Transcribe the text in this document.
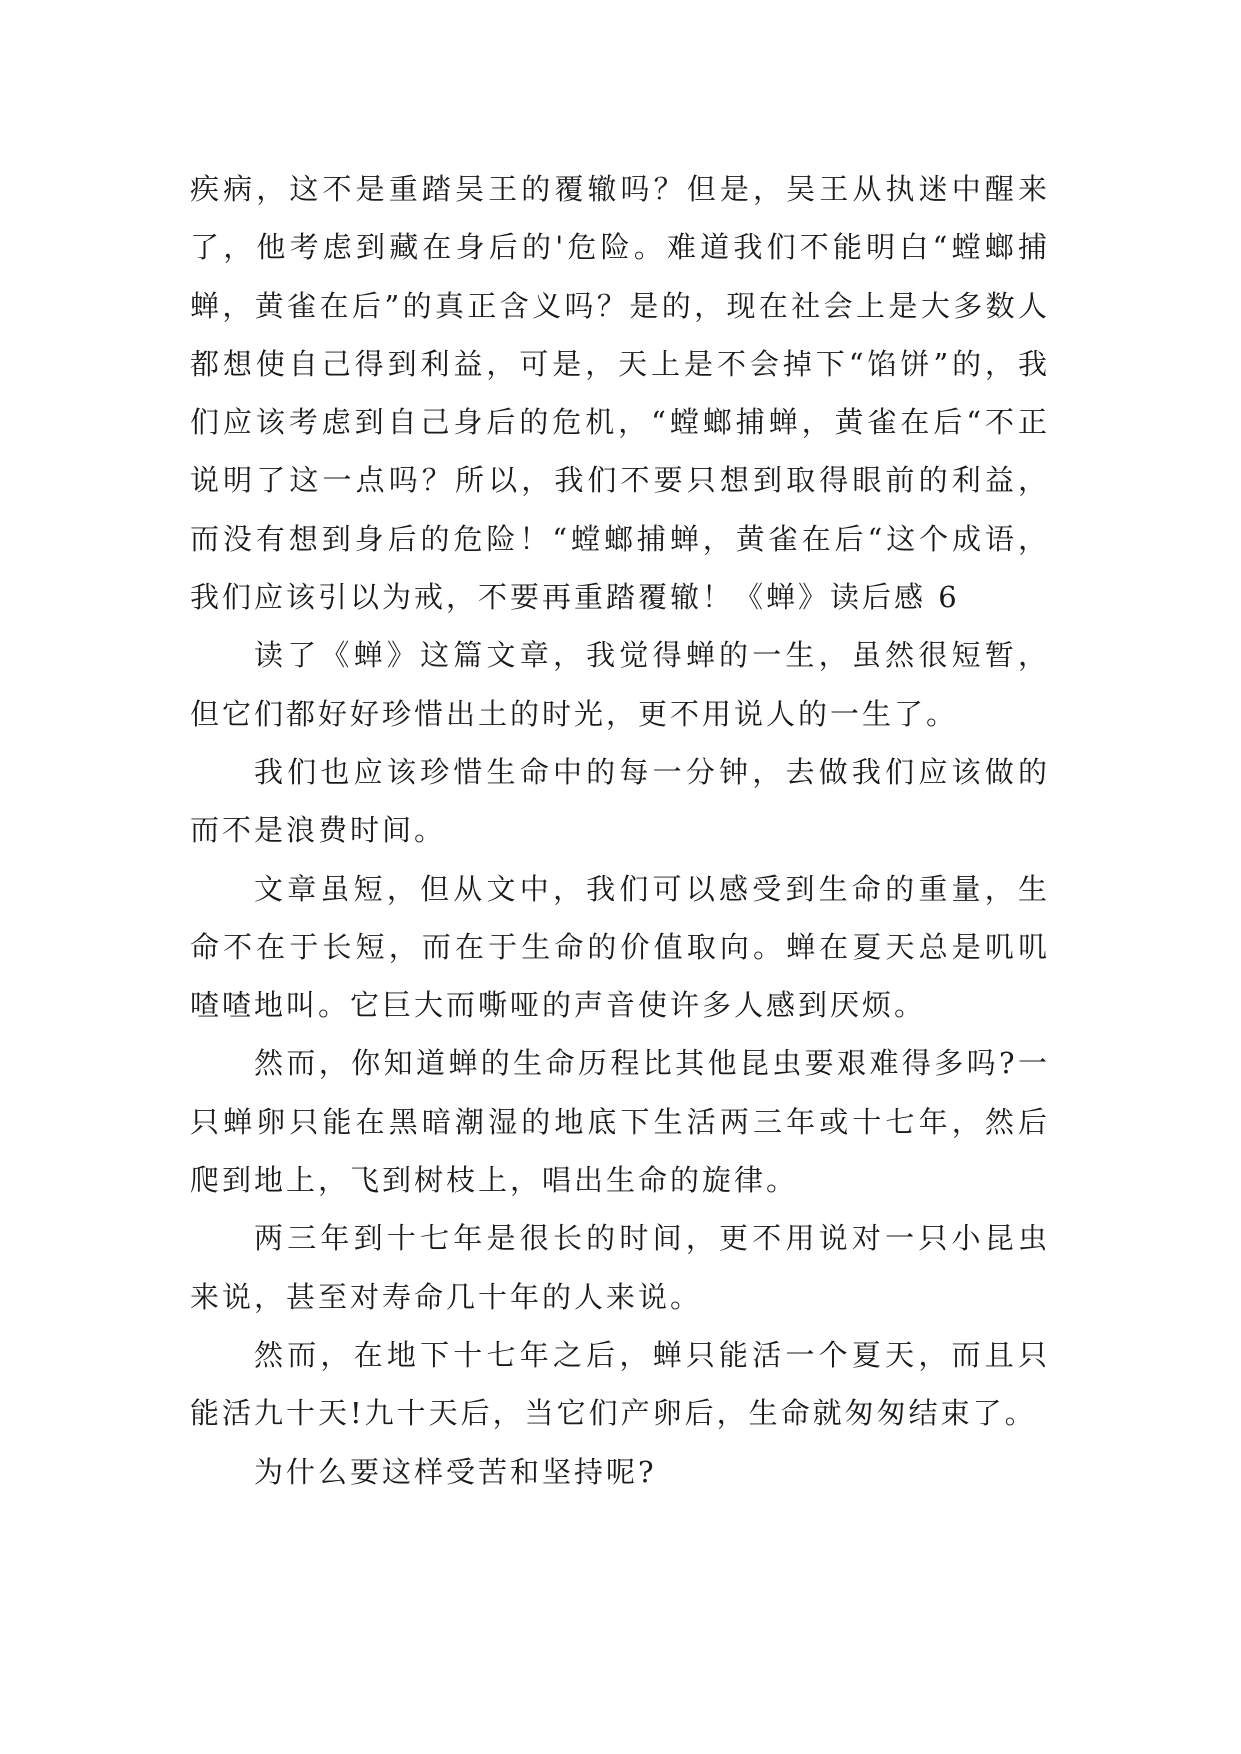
疾病，这不是重踏吴王的覆辙吗？但是，吴王从执迷中醒来了，他考虑到藏在身后的'危险。难道我们不能明白“螳螂捕蝉，黄雀在后”的真正含义吗？是的，现在社会上是大多数人都想使自己得到利益，可是，天上是不会掉下“馅饼”的，我们应该考虑到自己身后的危机，“螳螂捕蝉，黄雀在后“不正说明了这一点吗？所以，我们不要只想到取得眼前的利益，而没有想到身后的危险！“螳螂捕蝉，黄雀在后“这个成语，我们应该引以为戒，不要再重踏覆辙！《蝉》读后感 6

读了《蝉》这篇文章，我觉得蝉的一生，虽然很短暂，但它们都好好珍惜出土的时光，更不用说人的一生了。

我们也应该珍惜生命中的每一分钟，去做我们应该做的而不是浪费时间。

文章虽短，但从文中，我们可以感受到生命的重量，生命不在于长短，而在于生命的价值取向。蝉在夏天总是叽叽喳喳地叫。它巨大而嘶哑的声音使许多人感到厌烦。

然而，你知道蝉的生命历程比其他昆虫要艰难得多吗?一只蝉卵只能在黑暗潮湿的地底下生活两三年或十七年，然后爬到地上，飞到树枝上，唱出生命的旋律。

两三年到十七年是很长的时间，更不用说对一只小昆虫来说，甚至对寿命几十年的人来说。

然而，在地下十七年之后，蝉只能活一个夏天，而且只能活九十天!九十天后，当它们产卵后，生命就匆匆结束了。

为什么要这样受苦和坚持呢?
